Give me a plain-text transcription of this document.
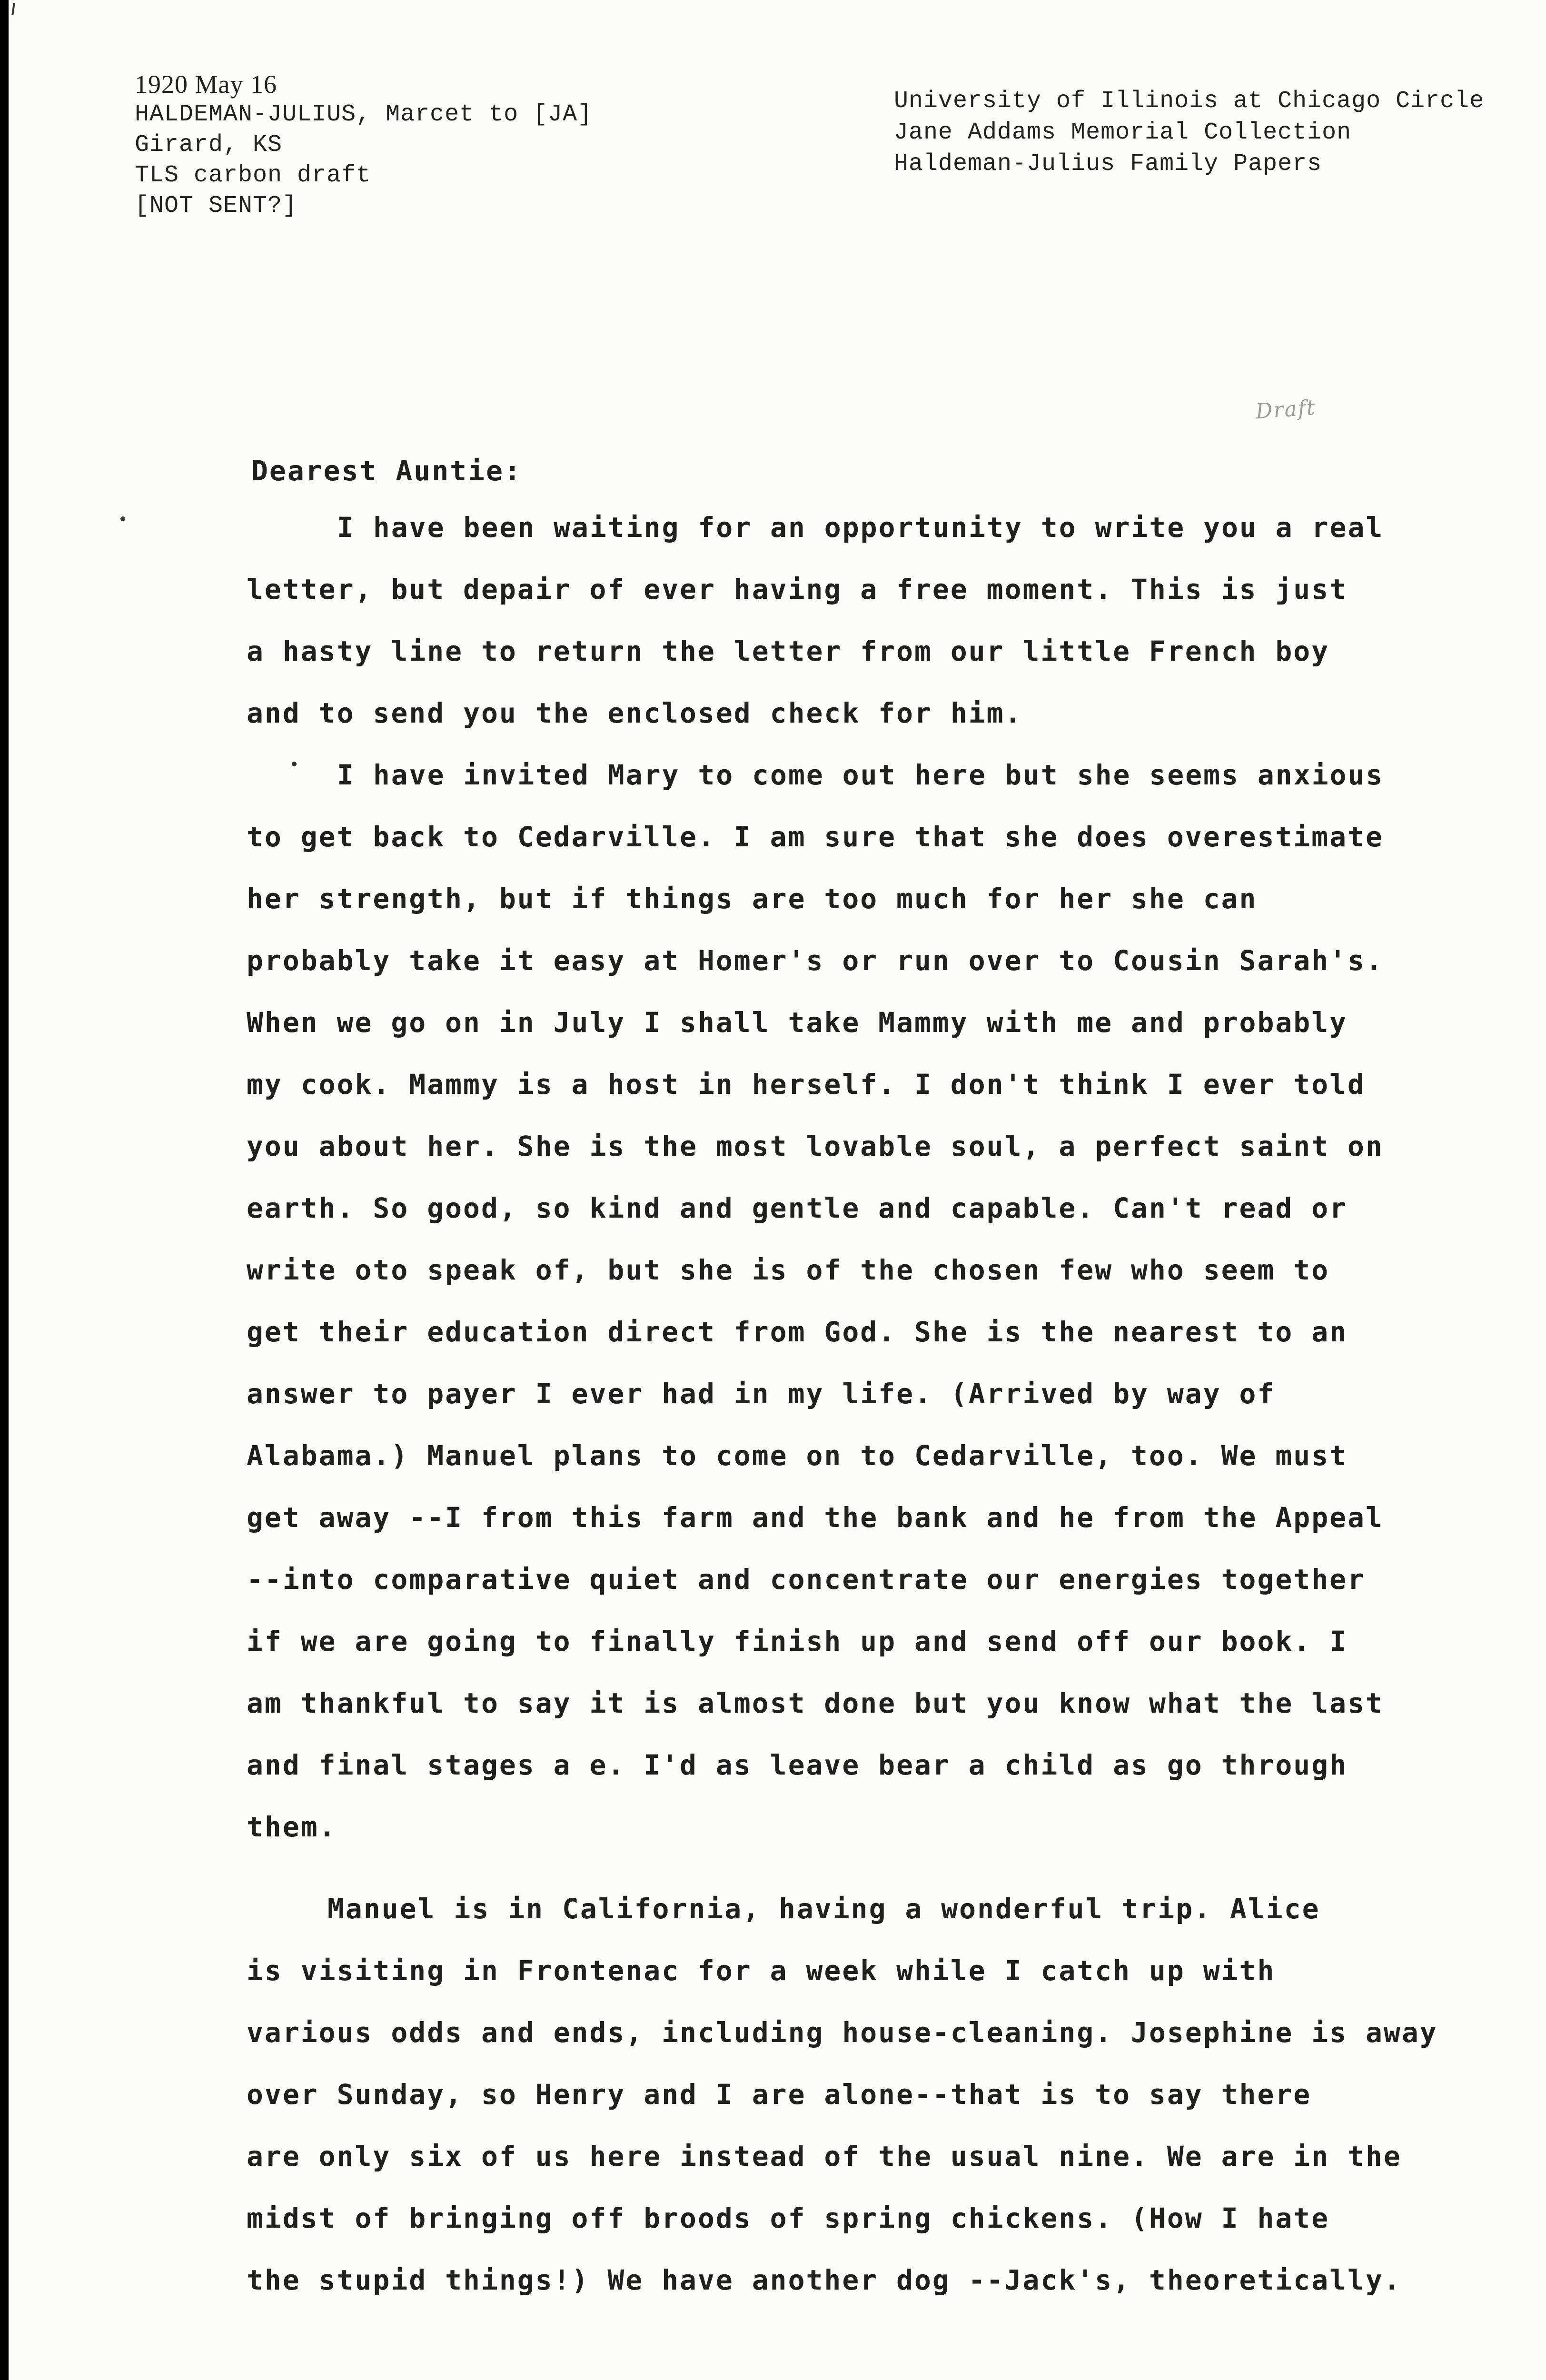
1920 May 16
HALDEMAN-JULIUS, Marcet to [JA]
Girard, KS
TLS carbon draft
[NOT SENT?]
University of Illinois at Chicago Circle
Jane Addams Memorial Collection
Haldeman-Julius Family Papers
Draft
Dearest Auntie:
I have been waiting for an opportunity to write you a real
letter, but depair of ever having a free moment. This is just
a hasty line to return the letter from our little French boy
and to send you the enclosed check for him.
I have invited Mary to come out here but she seems anxious
to get back to Cedarville. I am sure that she does overestimate
her strength, but if things are too much for her she can
probably take it easy at Homer's or run over to Cousin Sarah's.
When we go on in July I shall take Mammy with me and probably
my cook. Mammy is a host in herself. I don't think I ever told
you about her. She is the most lovable soul, a perfect saint on
earth. So good, so kind and gentle and capable. Can't read or
write oto speak of, but she is of the chosen few who seem to
get their education direct from God. She is the nearest to an
answer to payer I ever had in my life. (Arrived by way of
Alabama.) Manuel plans to come on to Cedarville, too. We must
get away --I from this farm and the bank and he from the Appeal
--into comparative quiet and concentrate our energies together
if we are going to finally finish up and send off our book. I
am thankful to say it is almost done but you know what the last
and final stages a e. I'd as leave bear a child as go through
them.
Manuel is in California, having a wonderful trip. Alice
is visiting in Frontenac for a week while I catch up with
various odds and ends, including house-cleaning. Josephine is away
over Sunday, so Henry and I are alone--that is to say there
are only six of us here instead of the usual nine. We are in the
midst of bringing off broods of spring chickens. (How I hate
the stupid things!) We have another dog --Jack's, theoretically.
